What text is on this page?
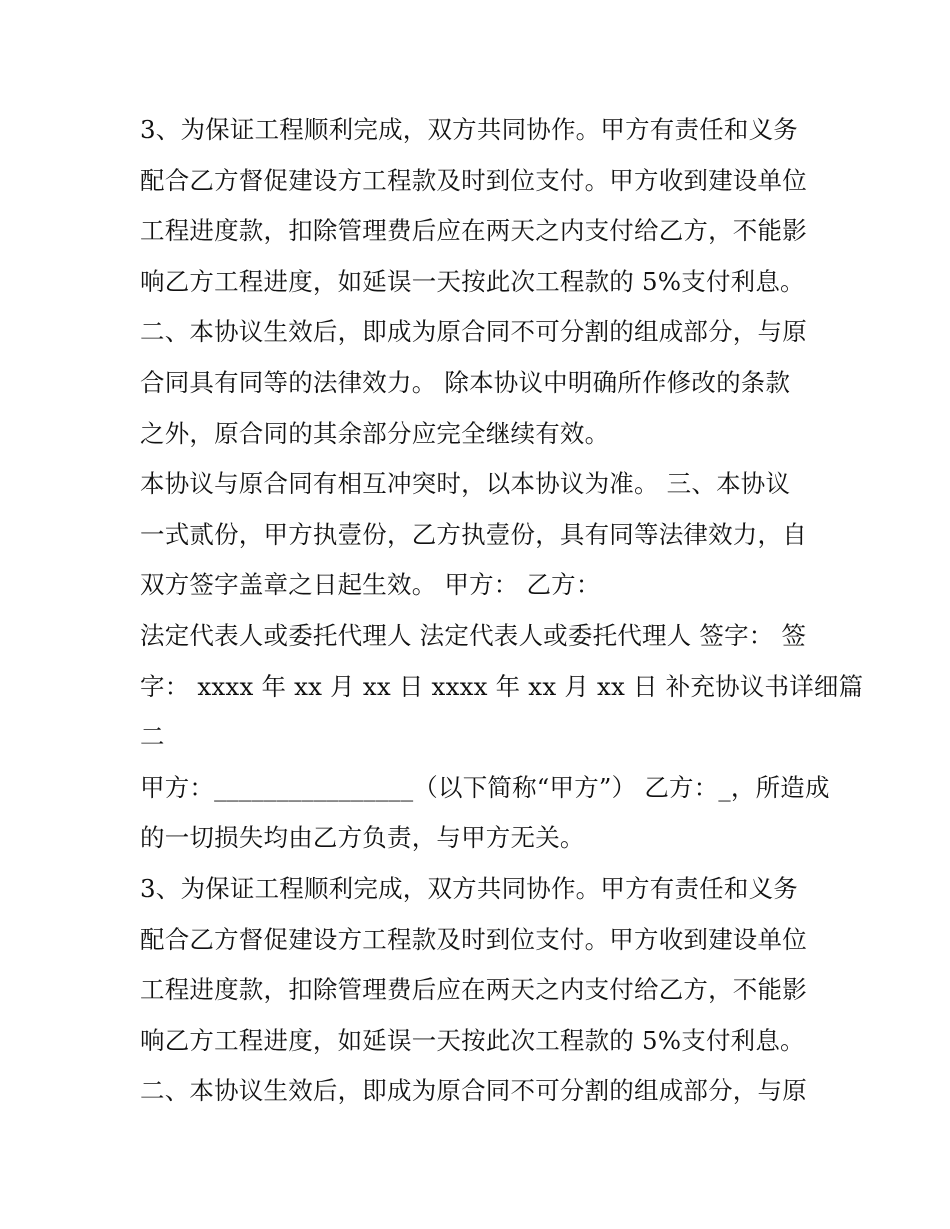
3、为保证工程顺利完成，双方共同协作。甲方有责任和义务
配合乙方督促建设方工程款及时到位支付。甲方收到建设单位
工程进度款，扣除管理费后应在两天之内支付给乙方，不能影
响乙方工程进度，如延误一天按此次工程款的 5%支付利息。
二、本协议生效后，即成为原合同不可分割的组成部分，与原
合同具有同等的法律效力。 除本协议中明确所作修改的条款
之外，原合同的其余部分应完全继续有效。
本协议与原合同有相互冲突时，以本协议为准。 三、本协议
一式贰份，甲方执壹份，乙方执壹份，具有同等法律效力，自
双方签字盖章之日起生效。 甲方： 乙方：
法定代表人或委托代理人 法定代表人或委托代理人 签字： 签
字： xxxx 年 xx 月 xx 日 xxxx 年 xx 月 xx 日 补充协议书详细篇
二
甲方：________________（以下简称“甲方”） 乙方：_，所造成
的一切损失均由乙方负责，与甲方无关。
3、为保证工程顺利完成，双方共同协作。甲方有责任和义务
配合乙方督促建设方工程款及时到位支付。甲方收到建设单位
工程进度款，扣除管理费后应在两天之内支付给乙方，不能影
响乙方工程进度，如延误一天按此次工程款的 5%支付利息。
二、本协议生效后，即成为原合同不可分割的组成部分，与原
